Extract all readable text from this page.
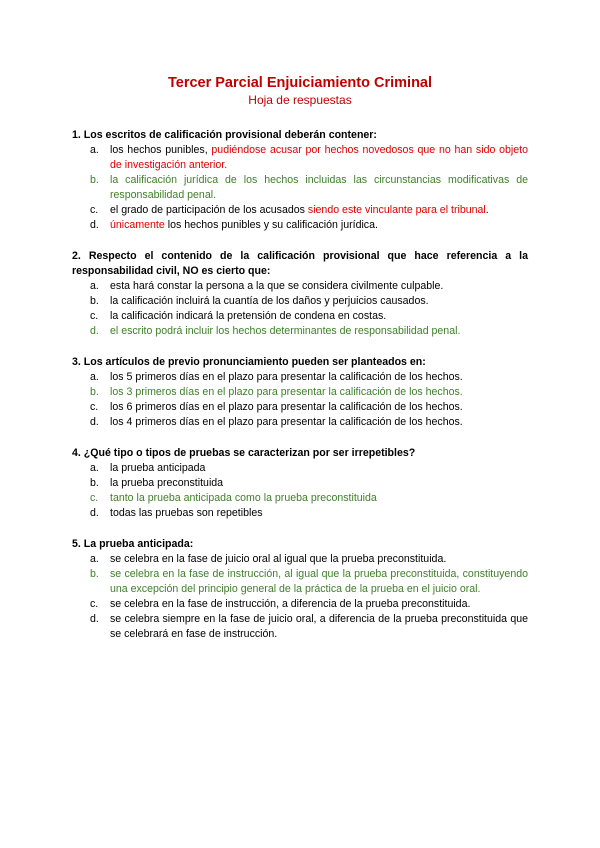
Tercer Parcial Enjuiciamiento Criminal
Hoja de respuestas
1. Los escritos de calificación provisional deberán contener:
a. los hechos punibles, pudiéndose acusar por hechos novedosos que no han sido objeto de investigación anterior.
b. la calificación jurídica de los hechos incluidas las circunstancias modificativas de responsabilidad penal.
c. el grado de participación de los acusados siendo este vinculante para el tribunal.
d. únicamente los hechos punibles y su calificación jurídica.
2. Respecto el contenido de la calificación provisional que hace referencia a la responsabilidad civil, NO es cierto que:
a. esta hará constar la persona a la que se considera civilmente culpable.
b. la calificación incluirá la cuantía de los daños y perjuicios causados.
c. la calificación indicará la pretensión de condena en costas.
d. el escrito podrá incluir los hechos determinantes de responsabilidad penal.
3. Los artículos de previo pronunciamiento pueden ser planteados en:
a. los 5 primeros días en el plazo para presentar la calificación de los hechos.
b. los 3 primeros días en el plazo para presentar la calificación de los hechos.
c. los 6 primeros días en el plazo para presentar la calificación de los hechos.
d. los 4 primeros días en el plazo para presentar la calificación de los hechos.
4. ¿Qué tipo o tipos de pruebas se caracterizan por ser irrepetibles?
a. la prueba anticipada
b. la prueba preconstituida
c. tanto la prueba anticipada como la prueba preconstituida
d. todas las pruebas son repetibles
5. La prueba anticipada:
a. se celebra en la fase de juicio oral al igual que la prueba preconstituida.
b. se celebra en la fase de instrucción, al igual que la prueba preconstituida, constituyendo una excepción del principio general de la práctica de la prueba en el juicio oral.
c. se celebra en la fase de instrucción, a diferencia de la prueba preconstituida.
d. se celebra siempre en la fase de juicio oral, a diferencia de la prueba preconstituida que se celebrará en fase de instrucción.
